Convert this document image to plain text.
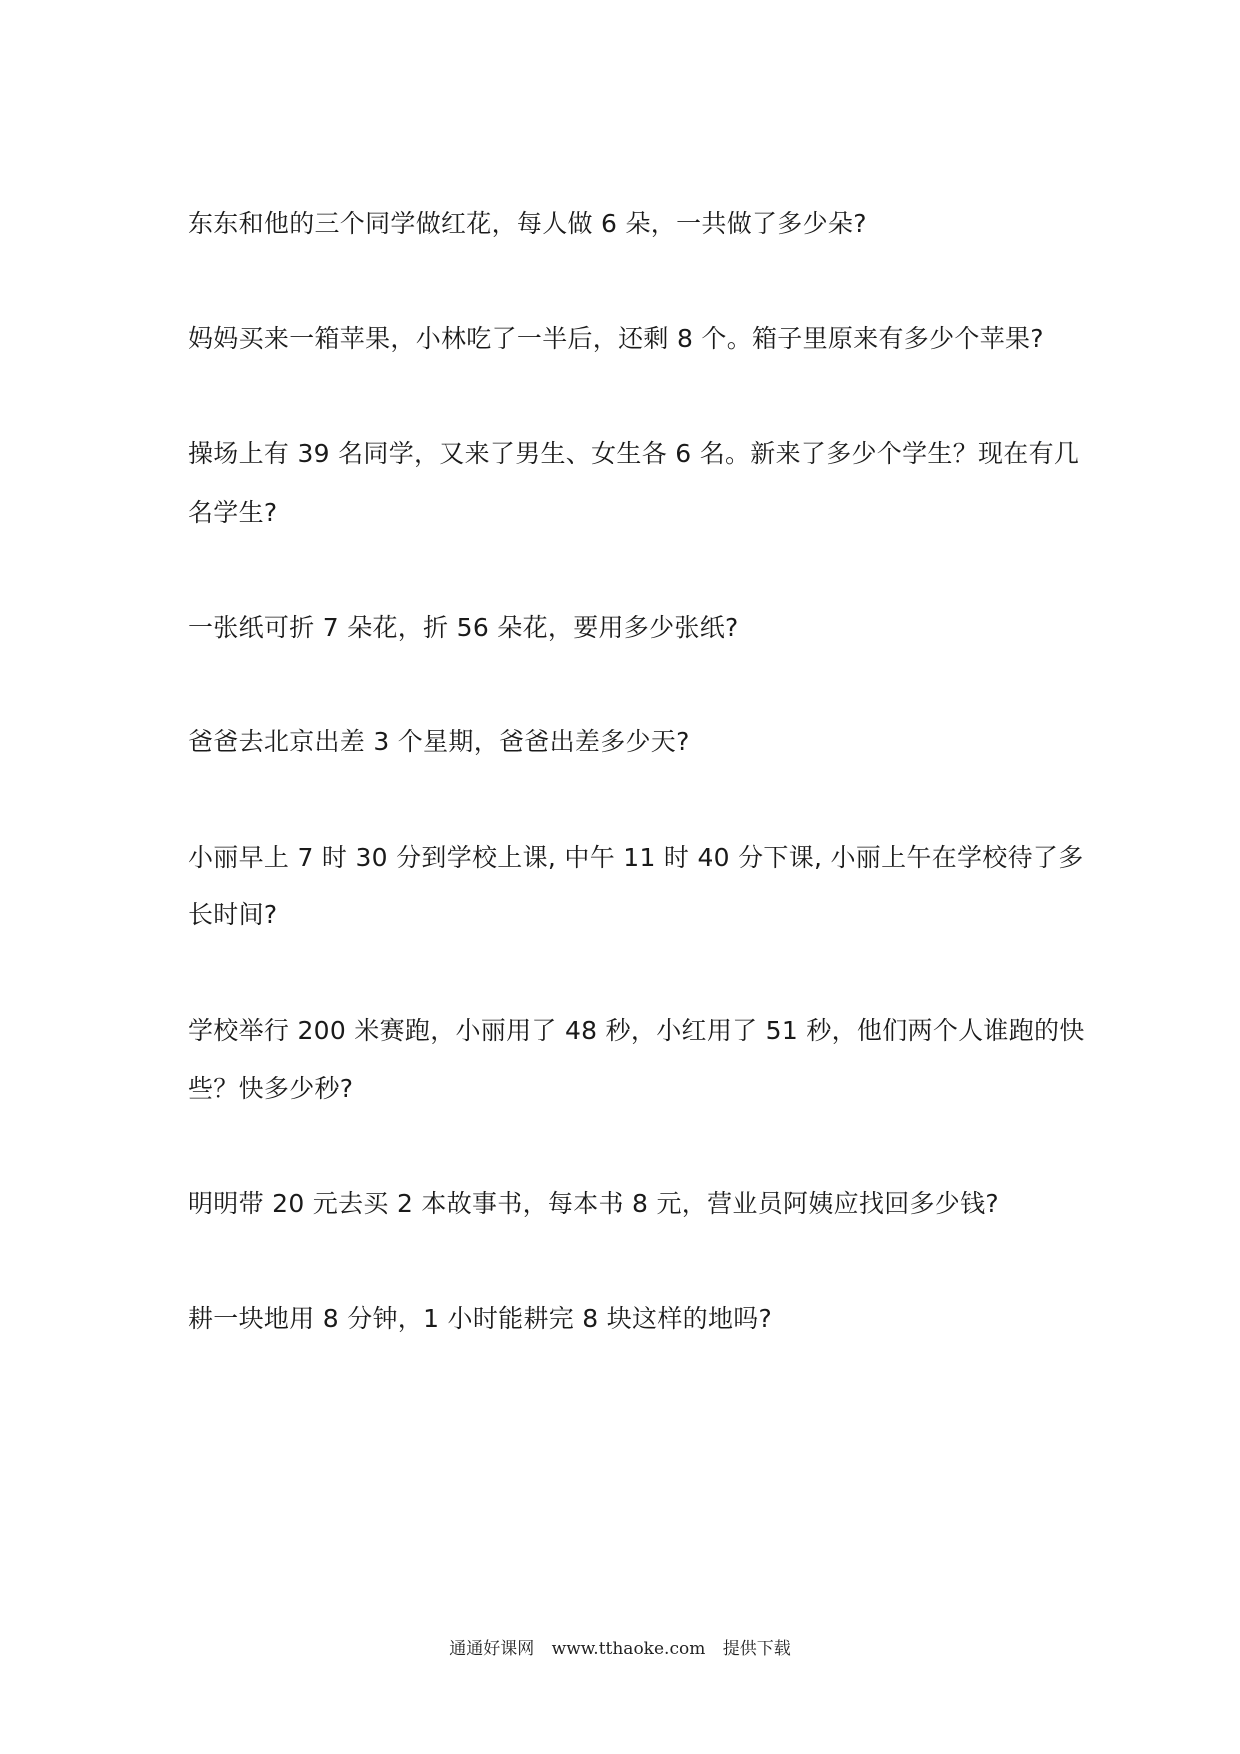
东东和他的三个同学做红花，每人做 6 朵，一共做了多少朵?
妈妈买来一箱苹果，小林吃了一半后，还剩 8 个。箱子里原来有多少个苹果?
操场上有 39 名同学，又来了男生、女生各 6 名。新来了多少个学生？现在有几
名学生?
一张纸可折 7 朵花，折 56 朵花，要用多少张纸?
爸爸去北京出差 3 个星期，爸爸出差多少天?
小丽早上 7 时 30 分到学校上课, 中午 11 时 40 分下课, 小丽上午在学校待了多
长时间?
学校举行 200 米赛跑，小丽用了 48 秒，小红用了 51 秒，他们两个人谁跑的快
些？快多少秒?
明明带 20 元去买 2 本故事书，每本书 8 元，营业员阿姨应找回多少钱?
耕一块地用 8 分钟，1 小时能耕完 8 块这样的地吗?
通通好课网 www.tthaoke.com 提供下载
